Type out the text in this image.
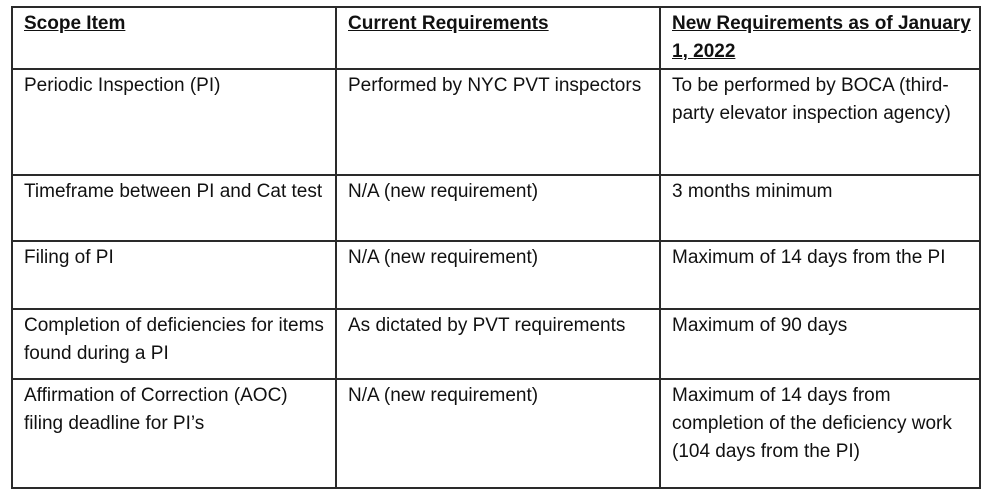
Scope Item	Current Requirements	New Requirements as of January 1, 2022
Periodic Inspection (PI)	Performed by NYC PVT inspectors	To be performed by BOCA (third-party elevator inspection agency)
Timeframe between PI and Cat test	N/A (new requirement)	3 months minimum
Filing of PI	N/A (new requirement)	Maximum of 14 days from the PI
Completion of deficiencies for items found during a PI	As dictated by PVT requirements	Maximum of 90 days
Affirmation of Correction (AOC) filing deadline for PI’s	N/A (new requirement)	Maximum of 14 days from completion of the deficiency work (104 days from the PI)
